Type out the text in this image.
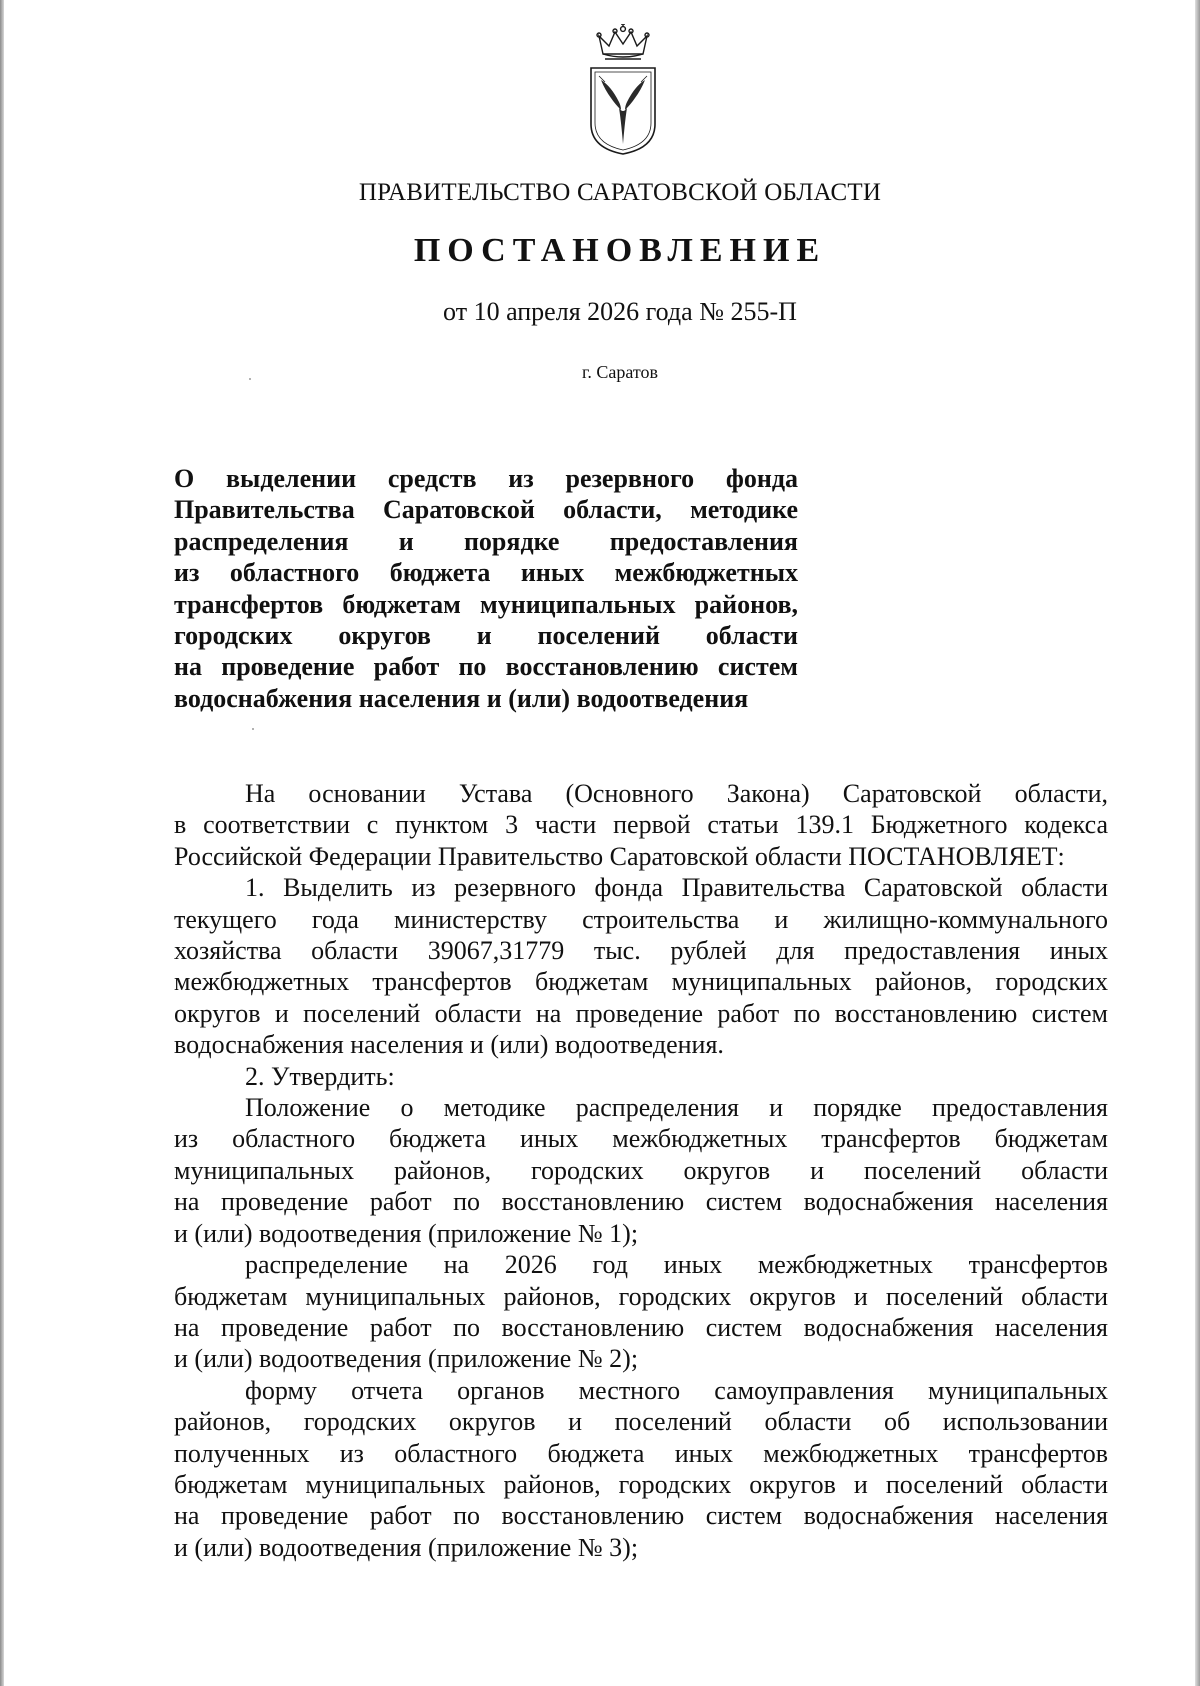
ПРАВИТЕЛЬСТВО САРАТОВСКОЙ ОБЛАСТИ
ПОСТАНОВЛЕНИЕ
от 10 апреля 2026 года № 255-П
г. Саратов
О выделении средств из резервного фонда
Правительства Саратовской области, методике
распределения и порядке предоставления
из областного бюджета иных межбюджетных
трансфертов бюджетам муниципальных районов,
городских округов и поселений области
на проведение работ по восстановлению систем
водоснабжения населения и (или) водоотведения

На основании Устава (Основного Закона) Саратовской области,
в соответствии с пунктом 3 части первой статьи 139.1 Бюджетного кодекса
Российской Федерации Правительство Саратовской области ПОСТАНОВЛЯЕТ:

1. Выделить из резервного фонда Правительства Саратовской области
текущего года министерству строительства и жилищно-коммунального
хозяйства области 39067,31779 тыс. рублей для предоставления иных
межбюджетных трансфертов бюджетам муниципальных районов, городских
округов и поселений области на проведение работ по восстановлению систем
водоснабжения населения и (или) водоотведения.

2. Утвердить:

Положение о методике распределения и порядке предоставления
из областного бюджета иных межбюджетных трансфертов бюджетам
муниципальных районов, городских округов и поселений области
на проведение работ по восстановлению систем водоснабжения населения
и (или) водоотведения (приложение № 1);

распределение на 2026 год иных межбюджетных трансфертов
бюджетам муниципальных районов, городских округов и поселений области
на проведение работ по восстановлению систем водоснабжения населения
и (или) водоотведения (приложение № 2);

форму отчета органов местного самоуправления муниципальных
районов, городских округов и поселений области об использовании
полученных из областного бюджета иных межбюджетных трансфертов
бюджетам муниципальных районов, городских округов и поселений области
на проведение работ по восстановлению систем водоснабжения населения
и (или) водоотведения (приложение № 3);
